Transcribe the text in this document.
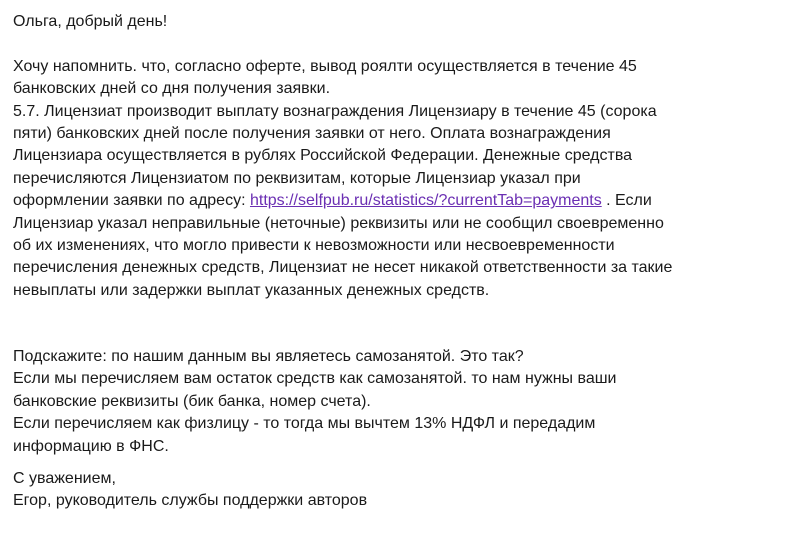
Ольга, добрый день!
Хочу напомнить. что, согласно оферте, вывод роялти осуществляется в течение 45
банковских дней со дня получения заявки.
5.7. Лицензиат производит выплату вознаграждения Лицензиару в течение 45 (сорока
пяти) банковских дней после получения заявки от него. Оплата вознаграждения
Лицензиара осуществляется в рублях Российской Федерации. Денежные средства
перечисляются Лицензиатом по реквизитам, которые Лицензиар указал при
оформлении заявки по адресу: https://selfpub.ru/statistics/?currentTab=payments . Если
Лицензиар указал неправильные (неточные) реквизиты или не сообщил своевременно
об их изменениях, что могло привести к невозможности или несвоевременности
перечисления денежных средств, Лицензиат не несет никакой ответственности за такие
невыплаты или задержки выплат указанных денежных средств.
Подскажите: по нашим данным вы являетесь самозанятой. Это так?
Если мы перечисляем вам остаток средств как самозанятой. то нам нужны ваши
банковские реквизиты (бик банка, номер счета).
Если перечисляем как физлицу - то тогда мы вычтем 13% НДФЛ и передадим
информацию в ФНС.
С уважением,
Егор, руководитель службы поддержки авторов
